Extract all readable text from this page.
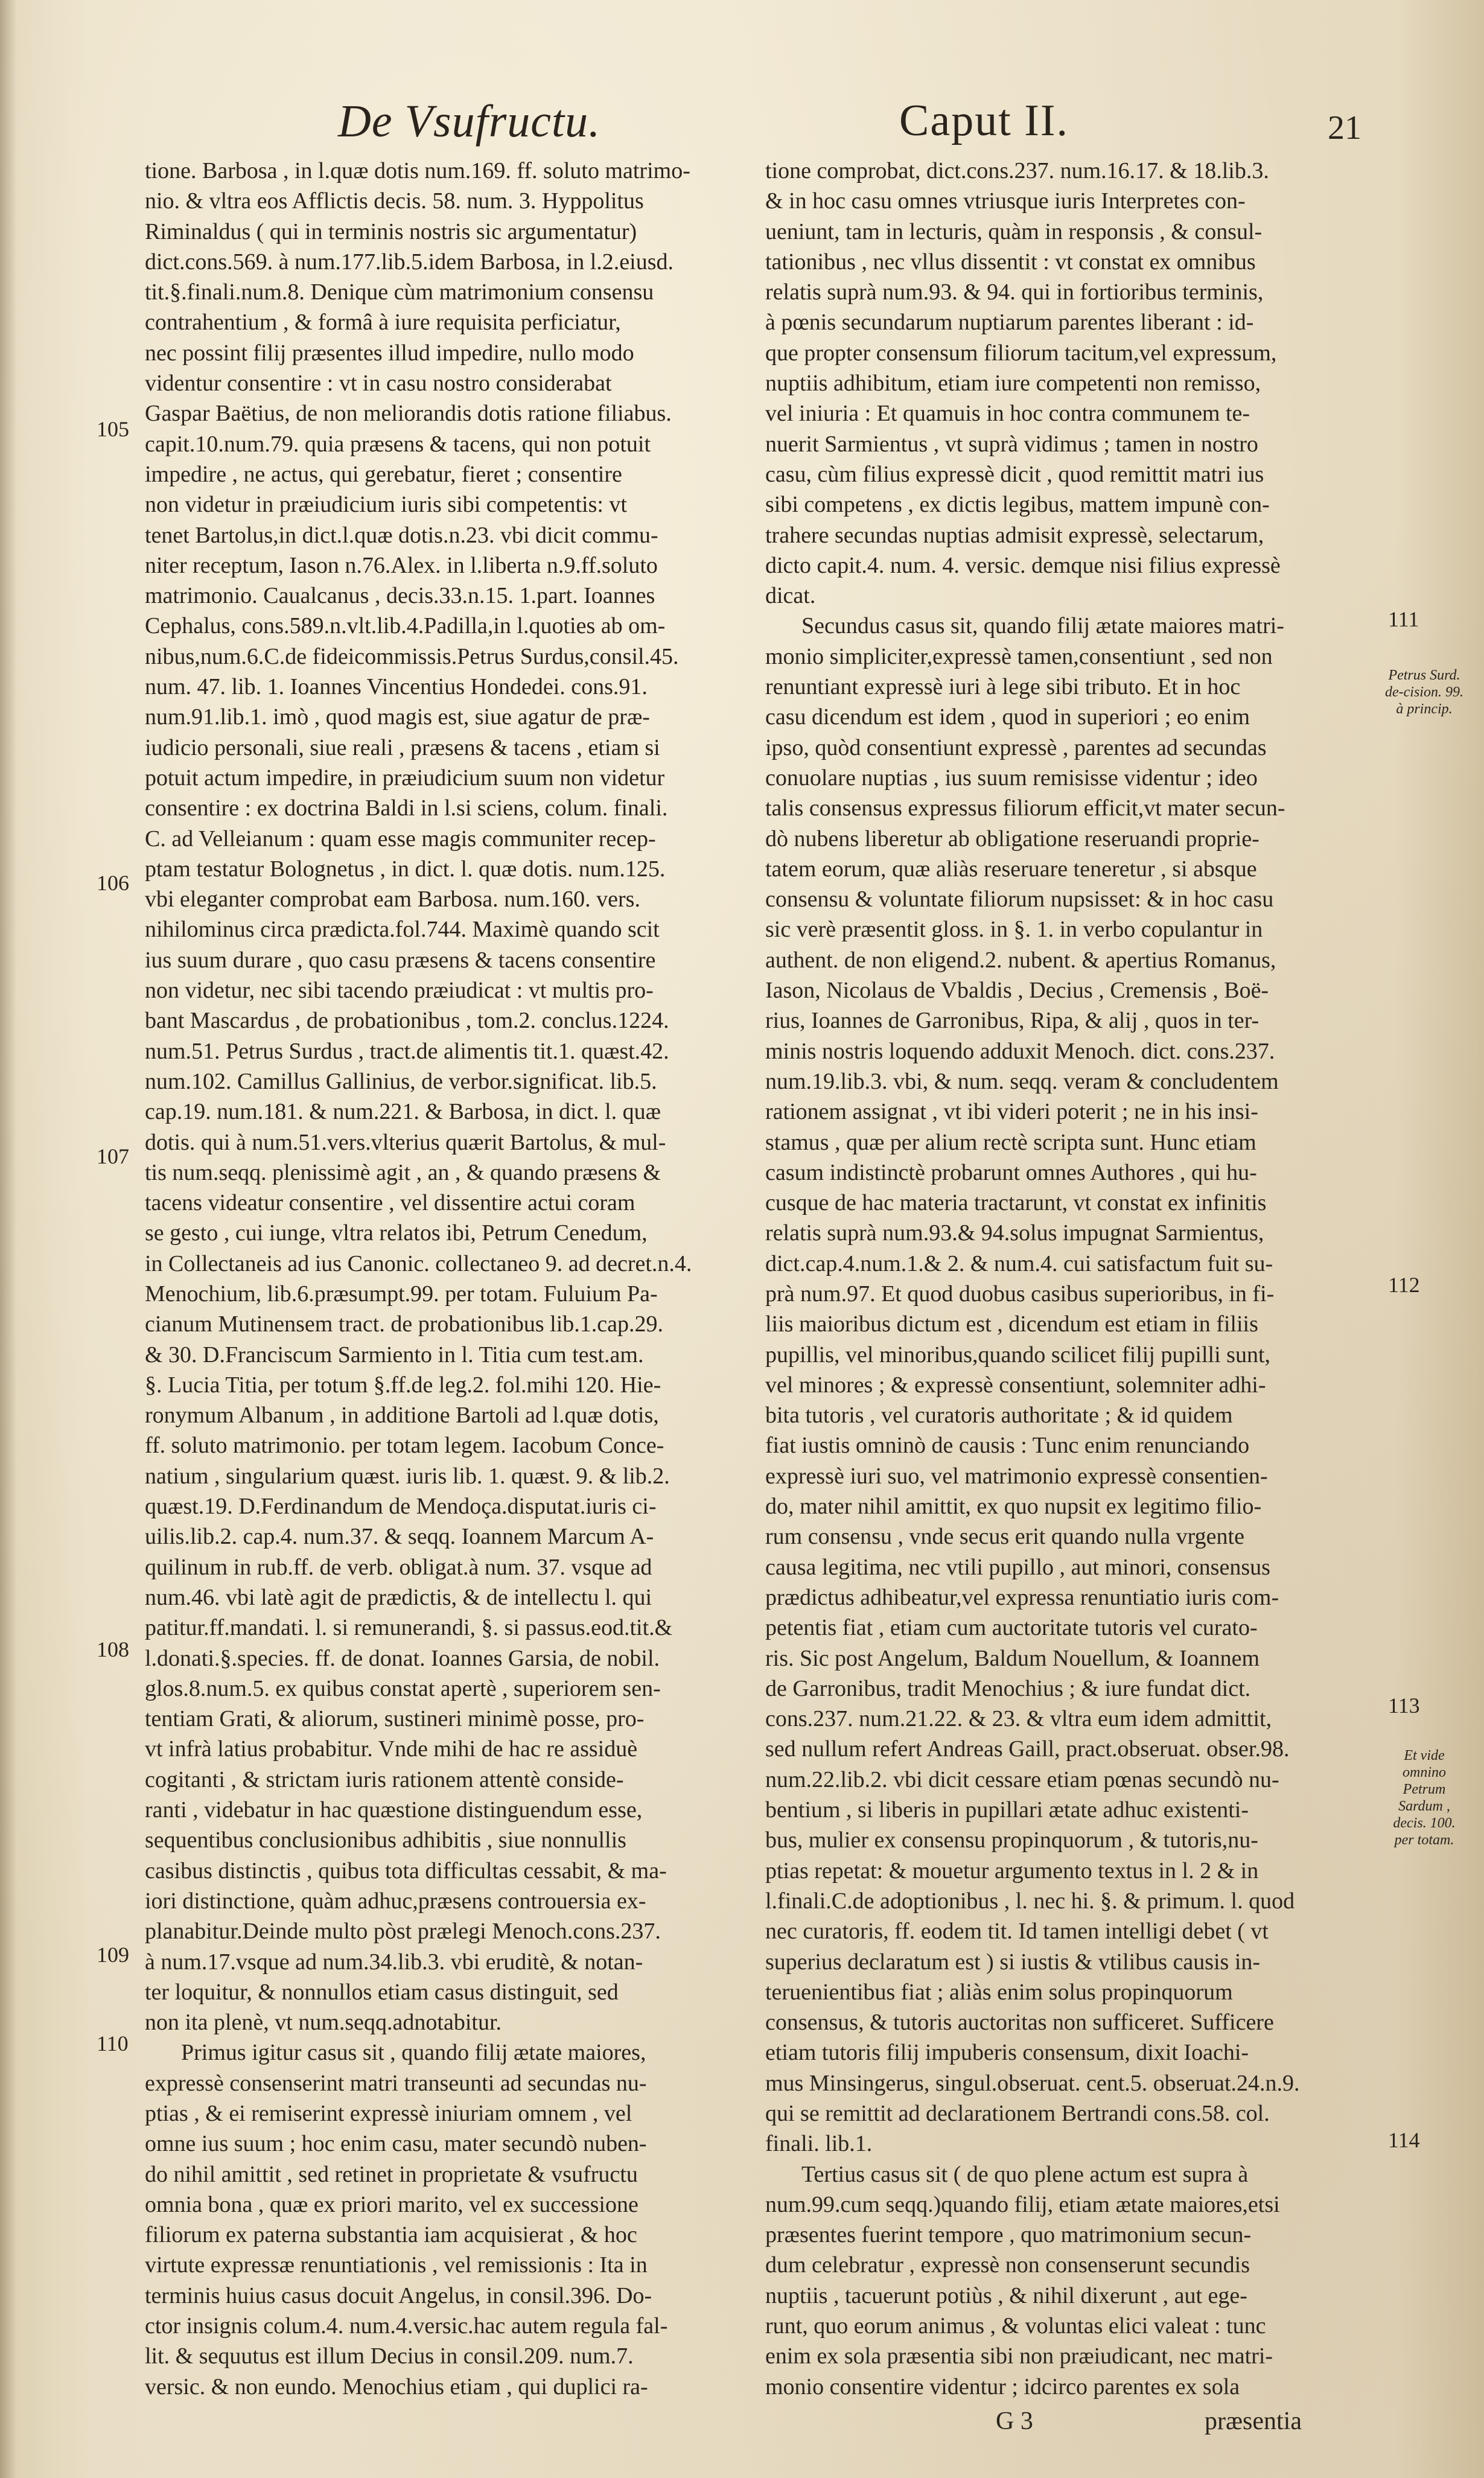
De Vsufructu.	Caput II.	21
tione. Barbosa , in l.quæ dotis num.169. ff. soluto matrimo-
nio. & vltra eos Afflictis decis. 58. num. 3. Hyppolitus
Riminaldus ( qui in terminis nostris sic argumentatur)
dict.cons.569. à num.177.lib.5.idem Barbosa, in l.2.eiusd.
tit.§.finali.num.8. Denique cùm matrimonium consensu
contrahentium , & formâ à iure requisita perficiatur,
nec possint filij præsentes illud impedire, nullo modo
videntur consentire : vt in casu nostro considerabat
Gaspar Baëtius, de non meliorandis dotis ratione filiabus.
capit.10.num.79. quia præsens & tacens, qui non potuit
impedire , ne actus, qui gerebatur, fieret ; consentire
non videtur in præiudicium iuris sibi competentis: vt
tenet Bartolus,in dict.l.quæ dotis.n.23. vbi dicit commu-
niter receptum, Iason n.76.Alex. in l.liberta n.9.ff.soluto
matrimonio. Caualcanus , decis.33.n.15. 1.part. Ioannes
Cephalus, cons.589.n.vlt.lib.4.Padilla,in l.quoties ab om-
nibus,num.6.C.de fideicommissis.Petrus Surdus,consil.45.
num. 47. lib. 1. Ioannes Vincentius Hondedei. cons.91.
num.91.lib.1. imò , quod magis est, siue agatur de præ-
iudicio personali, siue reali , præsens & tacens , etiam si
potuit actum impedire, in præiudicium suum non videtur
consentire : ex doctrina Baldi in l.si sciens, colum. finali.
C. ad Velleianum : quam esse magis communiter recep-
ptam testatur Bolognetus , in dict. l. quæ dotis. num.125.
vbi eleganter comprobat eam Barbosa. num.160. vers.
nihilominus circa prædicta.fol.744. Maximè quando scit
ius suum durare , quo casu præsens & tacens consentire
non videtur, nec sibi tacendo præiudicat : vt multis pro-
bant Mascardus , de probationibus , tom.2. conclus.1224.
num.51. Petrus Surdus , tract.de alimentis tit.1. quæst.42.
num.102. Camillus Gallinius, de verbor.significat. lib.5.
cap.19. num.181. & num.221. & Barbosa, in dict. l. quæ
dotis. qui à num.51.vers.vlterius quærit Bartolus, & mul-
tis num.seqq. plenissimè agit , an , & quando præsens &
tacens videatur consentire , vel dissentire actui coram
se gesto , cui iunge, vltra relatos ibi, Petrum Cenedum,
in Collectaneis ad ius Canonic. collectaneo 9. ad decret.n.4.
Menochium, lib.6.præsumpt.99. per totam. Fuluium Pa-
cianum Mutinensem tract. de probationibus lib.1.cap.29.
& 30. D.Franciscum Sarmiento in l. Titia cum test.am.
§. Lucia Titia, per totum §.ff.de leg.2. fol.mihi 120. Hie-
ronymum Albanum , in additione Bartoli ad l.quæ dotis,
ff. soluto matrimonio. per totam legem. Iacobum Conce-
natium , singularium quæst. iuris lib. 1. quæst. 9. & lib.2.
quæst.19. D.Ferdinandum de Mendoça.disputat.iuris ci-
uilis.lib.2. cap.4. num.37. & seqq. Ioannem Marcum A-
quilinum in rub.ff. de verb. obligat.à num. 37. vsque ad
num.46. vbi latè agit de prædictis, & de intellectu l. qui
patitur.ff.mandati. l. si remunerandi, §. si passus.eod.tit.&
l.donati.§.species. ff. de donat. Ioannes Garsia, de nobil.
glos.8.num.5. ex quibus constat apertè , superiorem sen-
tentiam Grati, & aliorum, sustineri minimè posse, pro-
vt infrà latius probabitur. Vnde mihi de hac re assiduè
cogitanti , & strictam iuris rationem attentè conside-
ranti , videbatur in hac quæstione distinguendum esse,
sequentibus conclusionibus adhibitis , siue nonnullis
casibus distinctis , quibus tota difficultas cessabit, & ma-
iori distinctione, quàm adhuc,præsens controuersia ex-
planabitur.Deinde multo pòst prælegi Menoch.cons.237.
à num.17.vsque ad num.34.lib.3. vbi eruditè, & notan-
ter loquitur, & nonnullos etiam casus distinguit, sed
non ita plenè, vt num.seqq.adnotabitur.
Primus igitur casus sit , quando filij ætate maiores,
expressè consenserint matri transeunti ad secundas nu-
ptias , & ei remiserint expressè iniuriam omnem , vel
omne ius suum ; hoc enim casu, mater secundò nuben-
do nihil amittit , sed retinet in proprietate & vsufructu
omnia bona , quæ ex priori marito, vel ex successione
filiorum ex paterna substantia iam acquisierat , & hoc
virtute expressæ renuntiationis , vel remissionis : Ita in
terminis huius casus docuit Angelus, in consil.396. Do-
ctor insignis colum.4. num.4.versic.hac autem regula fal-
lit. & sequutus est illum Decius in consil.209. num.7.
versic. & non eundo. Menochius etiam , qui duplici ra-
tione comprobat, dict.cons.237. num.16.17. & 18.lib.3.
& in hoc casu omnes vtriusque iuris Interpretes con-
ueniunt, tam in lecturis, quàm in responsis , & consul-
tationibus , nec vllus dissentit : vt constat ex omnibus
relatis suprà num.93. & 94. qui in fortioribus terminis,
à pœnis secundarum nuptiarum parentes liberant : id-
que propter consensum filiorum tacitum,vel expressum,
nuptiis adhibitum, etiam iure competenti non remisso,
vel iniuria : Et quamuis in hoc contra communem te-
nuerit Sarmientus , vt suprà vidimus ; tamen in nostro
casu, cùm filius expressè dicit , quod remittit matri ius
sibi competens , ex dictis legibus, mattem impunè con-
trahere secundas nuptias admisit expressè, selectarum,
dicto capit.4. num. 4. versic. demque nisi filius expressè
dicat.
Secundus casus sit, quando filij ætate maiores matri-
monio simpliciter,expressè tamen,consentiunt , sed non
renuntiant expressè iuri à lege sibi tributo. Et in hoc
casu dicendum est idem , quod in superiori ; eo enim
ipso, quòd consentiunt expressè , parentes ad secundas
conuolare nuptias , ius suum remisisse videntur ; ideo
talis consensus expressus filiorum efficit,vt mater secun-
dò nubens liberetur ab obligatione reseruandi proprie-
tatem eorum, quæ aliàs reseruare teneretur , si absque
consensu & voluntate filiorum nupsisset: & in hoc casu
sic verè præsentit gloss. in §. 1. in verbo copulantur in
authent. de non eligend.2. nubent. & apertius Romanus,
Iason, Nicolaus de Vbaldis , Decius , Cremensis , Boë-
rius, Ioannes de Garronibus, Ripa, & alij , quos in ter-
minis nostris loquendo adduxit Menoch. dict. cons.237.
num.19.lib.3. vbi, & num. seqq. veram & concludentem
rationem assignat , vt ibi videri poterit ; ne in his insi-
stamus , quæ per alium rectè scripta sunt. Hunc etiam
casum indistinctè probarunt omnes Authores , qui hu-
cusque de hac materia tractarunt, vt constat ex infinitis
relatis suprà num.93.& 94.solus impugnat Sarmientus,
dict.cap.4.num.1.& 2. & num.4. cui satisfactum fuit su-
prà num.97. Et quod duobus casibus superioribus, in fi-
liis maioribus dictum est , dicendum est etiam in filiis
pupillis, vel minoribus,quando scilicet filij pupilli sunt,
vel minores ; & expressè consentiunt, solemniter adhi-
bita tutoris , vel curatoris authoritate ; & id quidem
fiat iustis omninò de causis : Tunc enim renunciando
expressè iuri suo, vel matrimonio expressè consentien-
do, mater nihil amittit, ex quo nupsit ex legitimo filio-
rum consensu , vnde secus erit quando nulla vrgente
causa legitima, nec vtili pupillo , aut minori, consensus
prædictus adhibeatur,vel expressa renuntiatio iuris com-
petentis fiat , etiam cum auctoritate tutoris vel curato-
ris. Sic post Angelum, Baldum Nouellum, & Ioannem
de Garronibus, tradit Menochius ; & iure fundat dict.
cons.237. num.21.22. & 23. & vltra eum idem admittit,
sed nullum refert Andreas Gaill, pract.obseruat. obser.98.
num.22.lib.2. vbi dicit cessare etiam pœnas secundò nu-
bentium , si liberis in pupillari ætate adhuc existenti-
bus, mulier ex consensu propinquorum , & tutoris,nu-
ptias repetat: & mouetur argumento textus in l. 2 & in
l.finali.C.de adoptionibus , l. nec hi. §. & primum. l. quod
nec curatoris, ff. eodem tit. Id tamen intelligi debet ( vt
superius declaratum est ) si iustis & vtilibus causis in-
teruenientibus fiat ; aliàs enim solus propinquorum
consensus, & tutoris auctoritas non sufficeret. Sufficere
etiam tutoris filij impuberis consensum, dixit Ioachi-
mus Minsingerus, singul.obseruat. cent.5. obseruat.24.n.9.
qui se remittit ad declarationem Bertrandi cons.58. col.
finali. lib.1.
Tertius casus sit ( de quo plene actum est supra à
num.99.cum seqq.)quando filij, etiam ætate maiores,etsi
præsentes fuerint tempore , quo matrimonium secun-
dum celebratur , expressè non consenserunt secundis
nuptiis , tacuerunt potiùs , & nihil dixerunt , aut ege-
runt, quo eorum animus , & voluntas elici valeat : tunc
enim ex sola præsentia sibi non præiudicant, nec matri-
monio consentire videntur ; idcirco parentes ex sola
105
106
107
108
109
110
111
112
113
114
Petrus Surd. de-cision. 99. à princip.
Et vide omnino Petrum Sardum , decis. 100. per totam.
G 3	præsentia
